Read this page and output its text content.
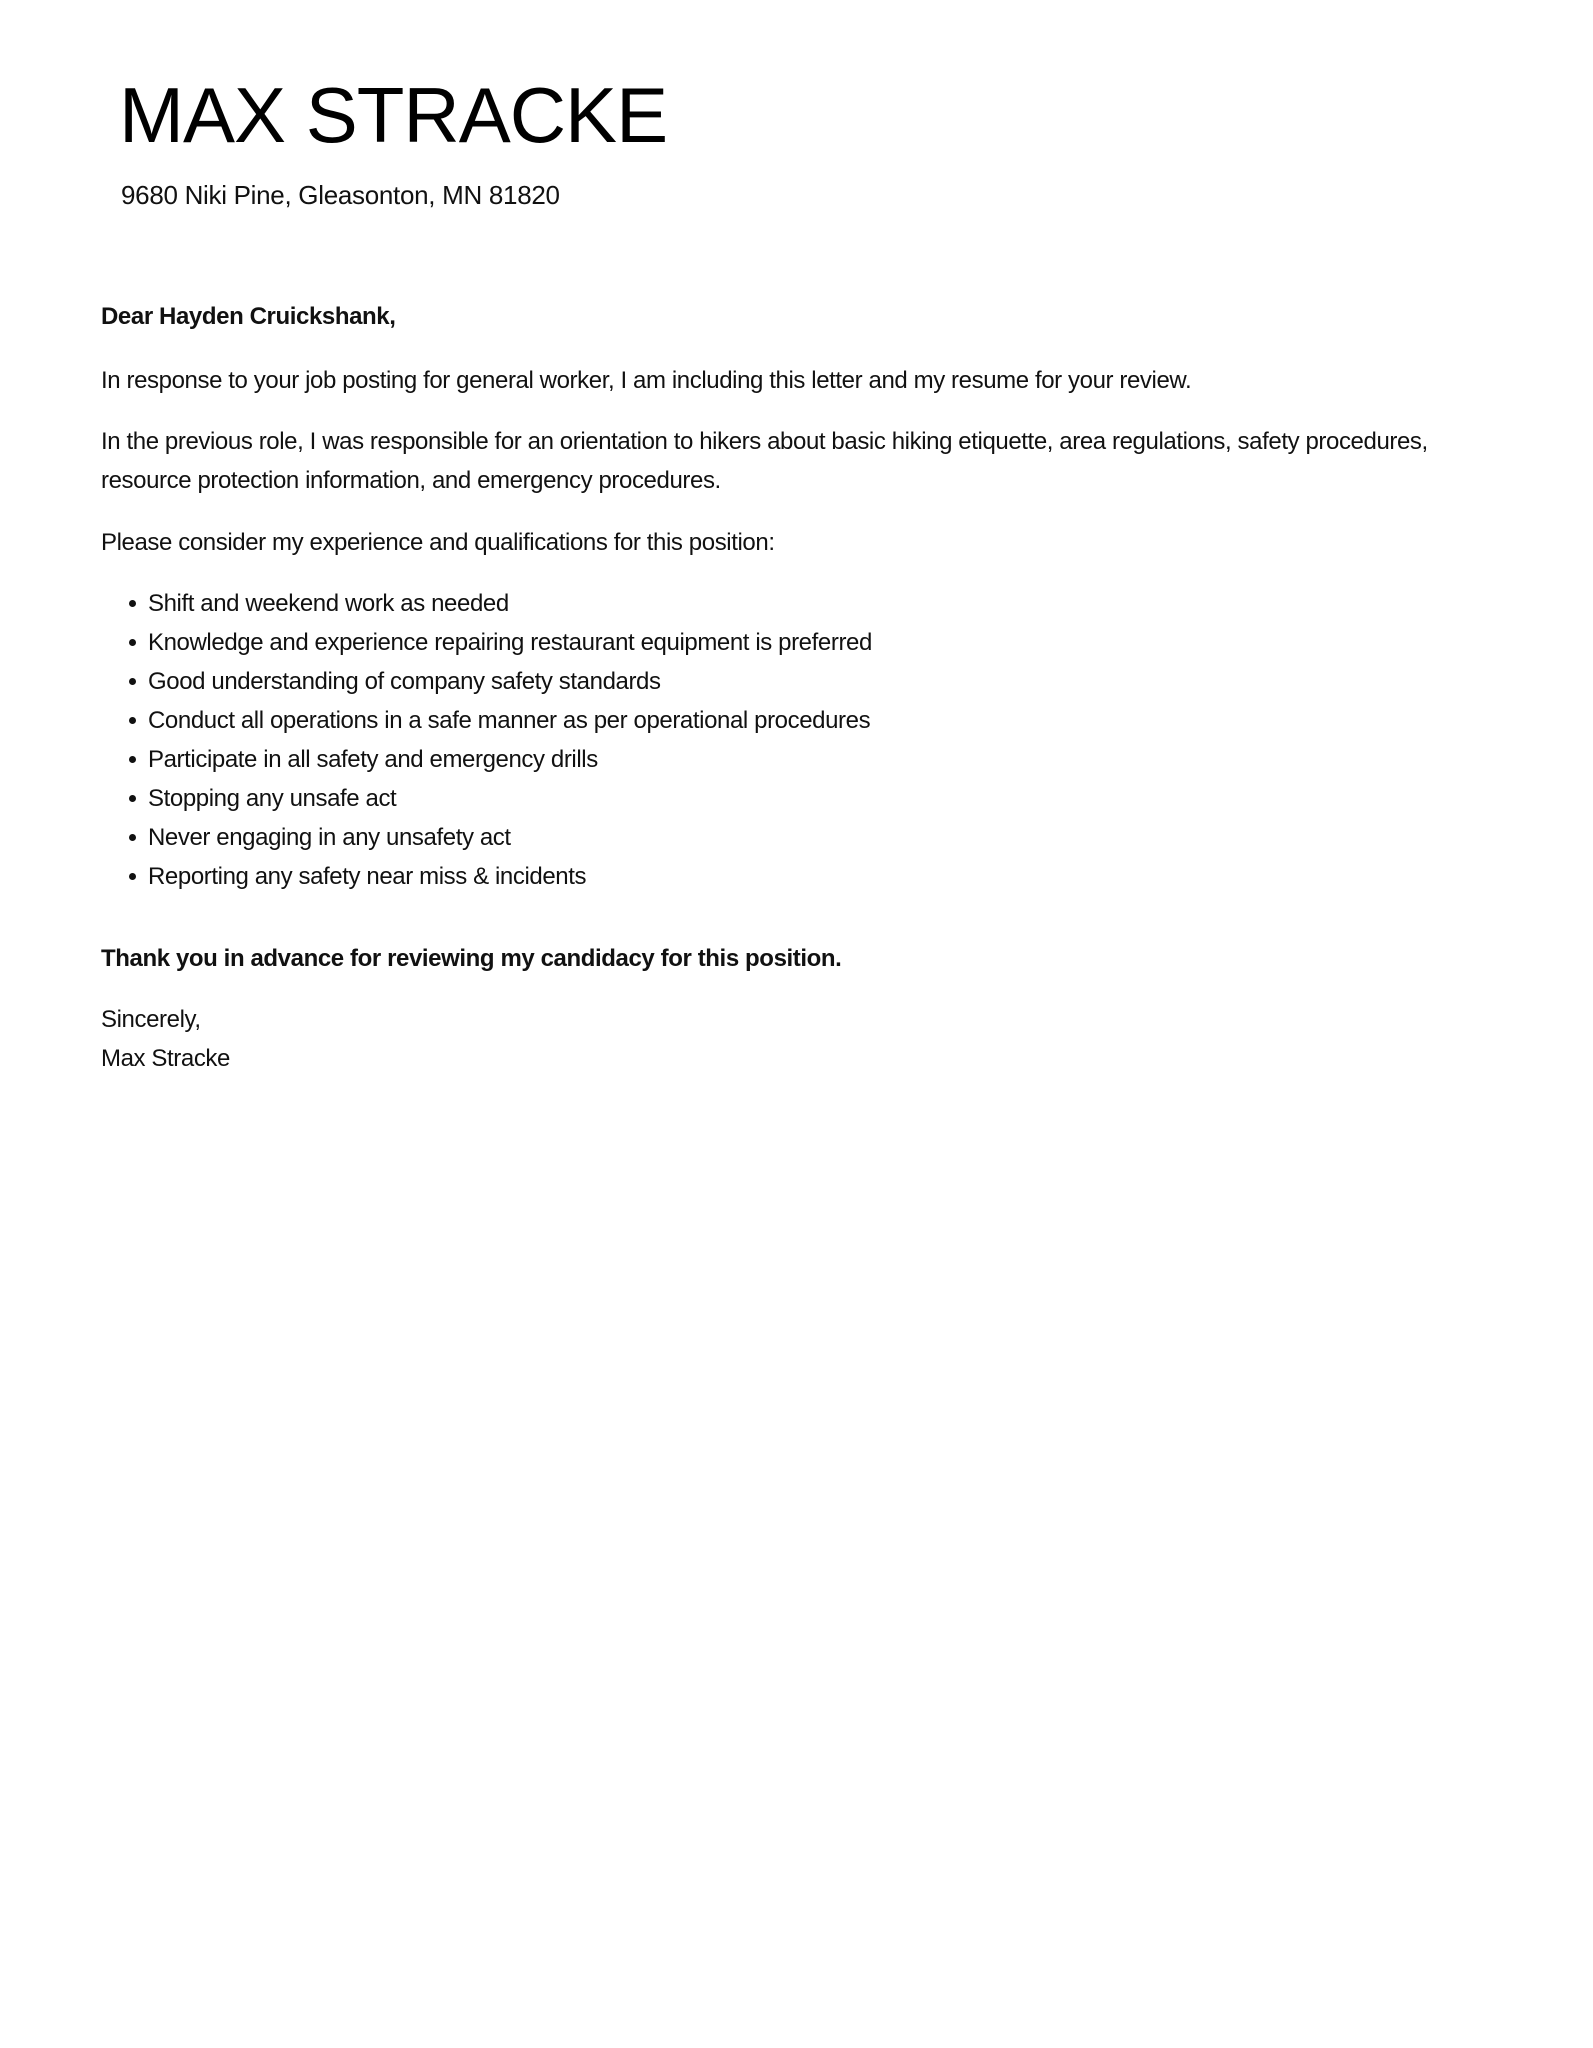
MAX STRACKE
9680 Niki Pine, Gleasonton, MN 81820
Dear Hayden Cruickshank,
In response to your job posting for general worker, I am including this letter and my resume for your review.
In the previous role, I was responsible for an orientation to hikers about basic hiking etiquette, area regulations, safety procedures, resource protection information, and emergency procedures.
Please consider my experience and qualifications for this position:
Shift and weekend work as needed
Knowledge and experience repairing restaurant equipment is preferred
Good understanding of company safety standards
Conduct all operations in a safe manner as per operational procedures
Participate in all safety and emergency drills
Stopping any unsafe act
Never engaging in any unsafety act
Reporting any safety near miss & incidents
Thank you in advance for reviewing my candidacy for this position.
Sincerely,
Max Stracke
